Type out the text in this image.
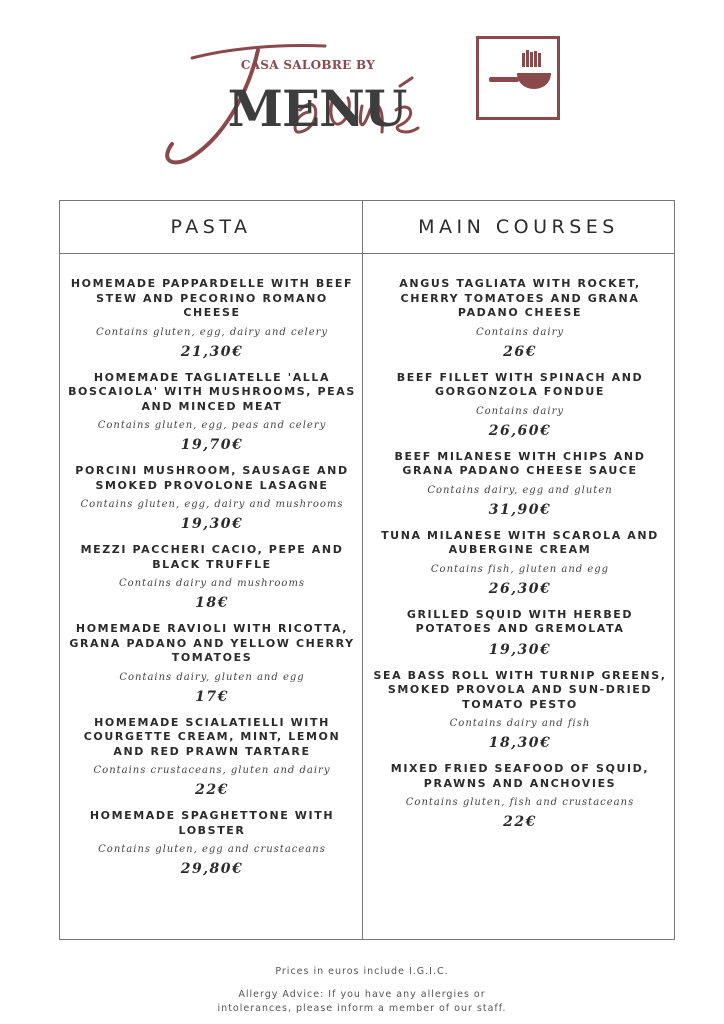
CASA SALOBRE BY
MENU
PASTA	MAIN COURSES
HOMEMADE PAPPARDELLE WITH BEEF STEW AND PECORINO ROMANO CHEESE
Contains gluten, egg, dairy and celery
21,30€
HOMEMADE TAGLIATELLE 'ALLA BOSCAIOLA' WITH MUSHROOMS, PEAS AND MINCED MEAT
Contains gluten, egg, peas and celery
19,70€
PORCINI MUSHROOM, SAUSAGE AND SMOKED PROVOLONE LASAGNE
Contains gluten, egg, dairy and mushrooms
19,30€
MEZZI PACCHERI CACIO, PEPE AND BLACK TRUFFLE
Contains dairy and mushrooms
18€
HOMEMADE RAVIOLI WITH RICOTTA, GRANA PADANO AND YELLOW CHERRY TOMATOES
Contains dairy, gluten and egg
17€
HOMEMADE SCIALATIELLI WITH COURGETTE CREAM, MINT, LEMON AND RED PRAWN TARTARE
Contains crustaceans, gluten and dairy
22€
HOMEMADE SPAGHETTONE WITH LOBSTER
Contains gluten, egg and crustaceans
29,80€
ANGUS TAGLIATA WITH ROCKET, CHERRY TOMATOES AND GRANA PADANO CHEESE
Contains dairy
26€
BEEF FILLET WITH SPINACH AND GORGONZOLA FONDUE
Contains dairy
26,60€
BEEF MILANESE WITH CHIPS AND GRANA PADANO CHEESE SAUCE
Contains dairy, egg and gluten
31,90€
TUNA MILANESE WITH SCAROLA AND AUBERGINE CREAM
Contains fish, gluten and egg
26,30€
GRILLED SQUID WITH HERBED POTATOES AND GREMOLATA
19,30€
SEA BASS ROLL WITH TURNIP GREENS, SMOKED PROVOLA AND SUN-DRIED TOMATO PESTO
Contains dairy and fish
18,30€
MIXED FRIED SEAFOOD OF SQUID, PRAWNS AND ANCHOVIES
Contains gluten, fish and crustaceans
22€
Prices in euros include I.G.I.C.
Allergy Advice: If you have any allergies or
intolerances, please inform a member of our staff.
